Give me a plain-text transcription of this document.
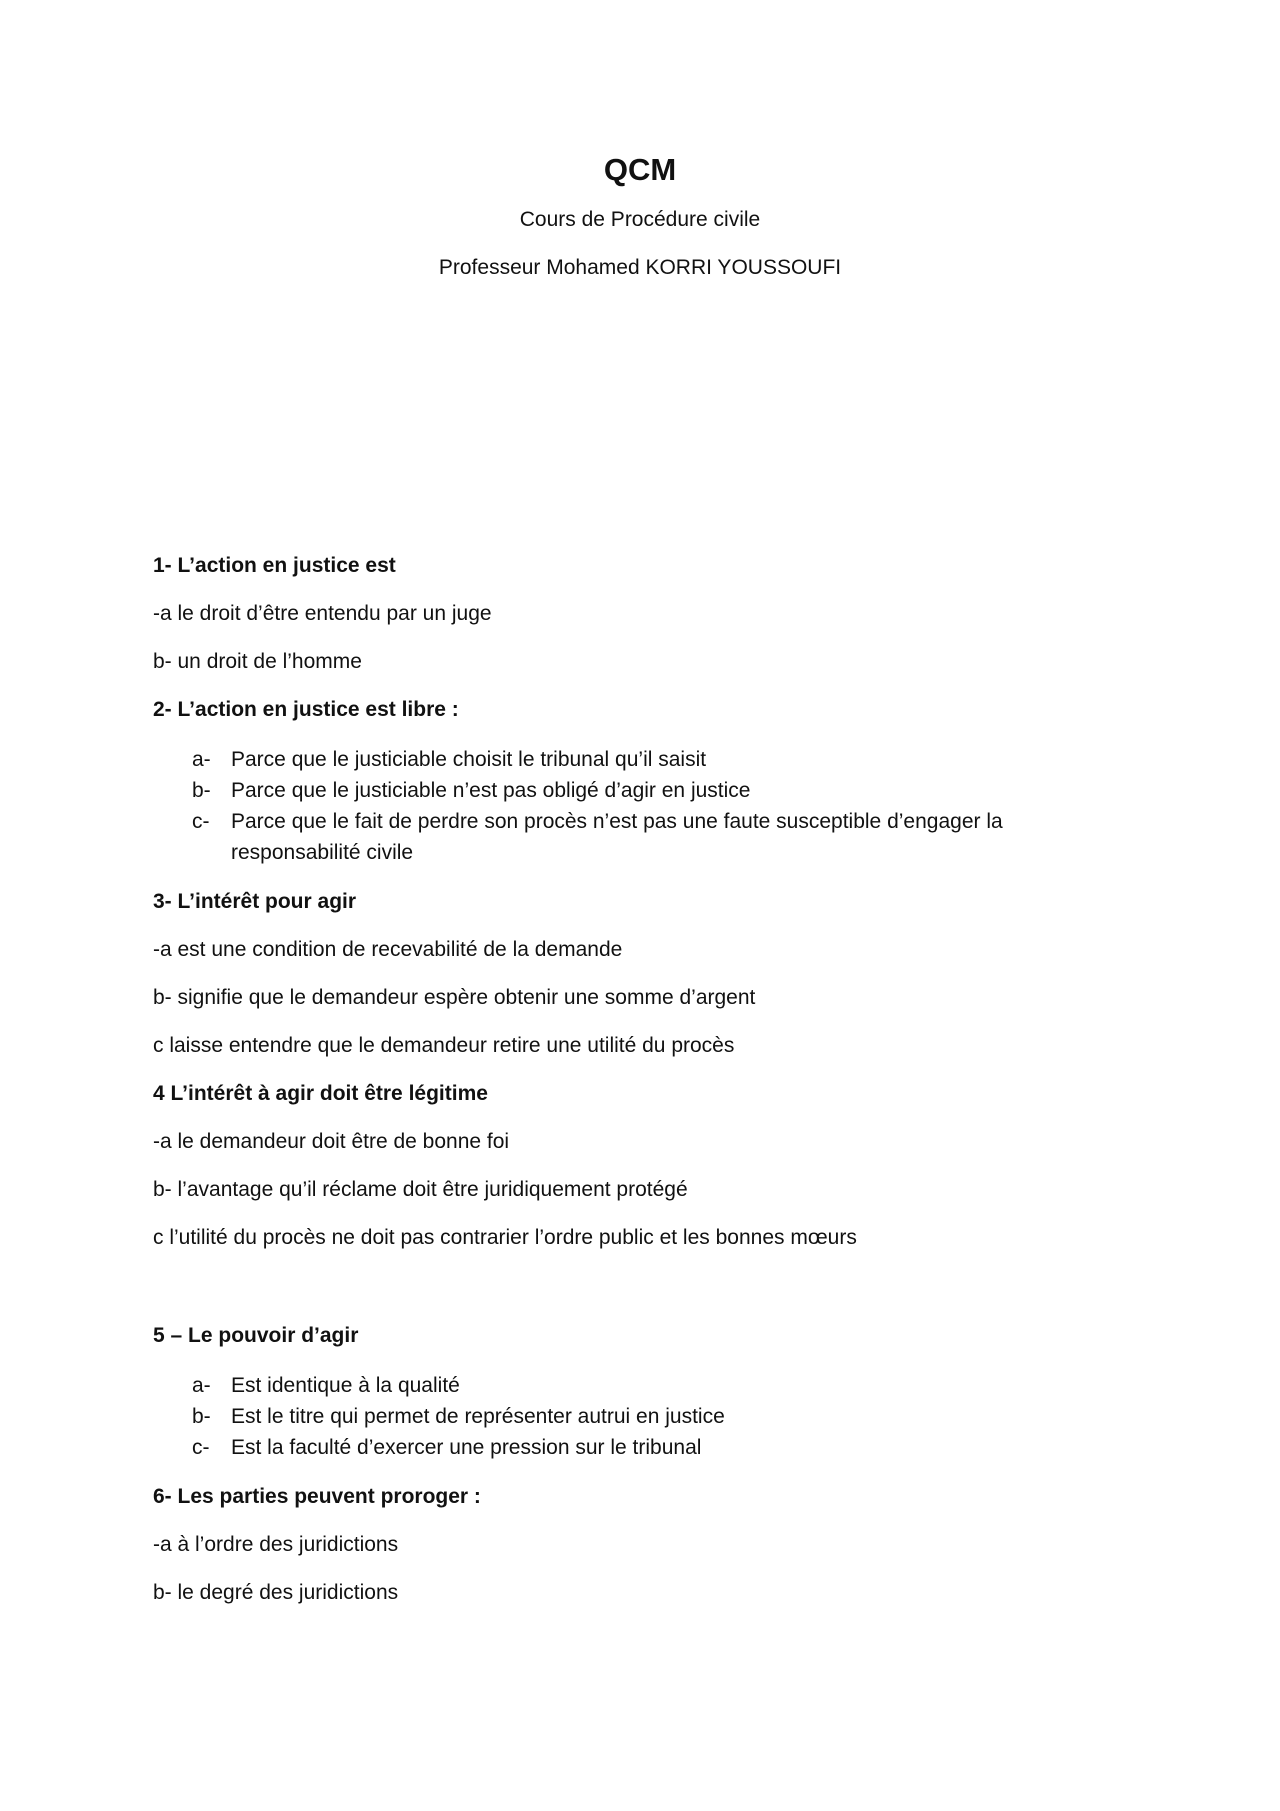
QCM
Cours de Procédure civile
Professeur Mohamed KORRI YOUSSOUFI
1- L’action en justice est
-a le droit d’être entendu par un juge
b- un droit de l’homme
2- L’action en justice est libre :
a- Parce que le justiciable choisit le tribunal qu’il saisit
b- Parce que le justiciable n’est pas obligé d’agir en justice
c-	Parce que le fait de perdre son procès n’est pas une faute susceptible d’engager la responsabilité civile
3- L’intérêt pour agir
-a est une condition de recevabilité de la demande
b- signifie que le demandeur espère obtenir une somme d’argent
c laisse entendre que le demandeur retire une utilité du procès
4 L’intérêt à agir doit être légitime
-a le demandeur doit être de bonne foi
b- l’avantage qu’il réclame doit être juridiquement protégé
c l’utilité du procès ne doit pas contrarier l’ordre public et les bonnes mœurs
5 – Le pouvoir d’agir
a- Est identique à la qualité
b- Est le titre qui permet de représenter autrui en justice
c-	Est la faculté d’exercer une pression sur le tribunal
6- Les parties peuvent proroger :
-a à l’ordre des juridictions
b- le degré des juridictions
